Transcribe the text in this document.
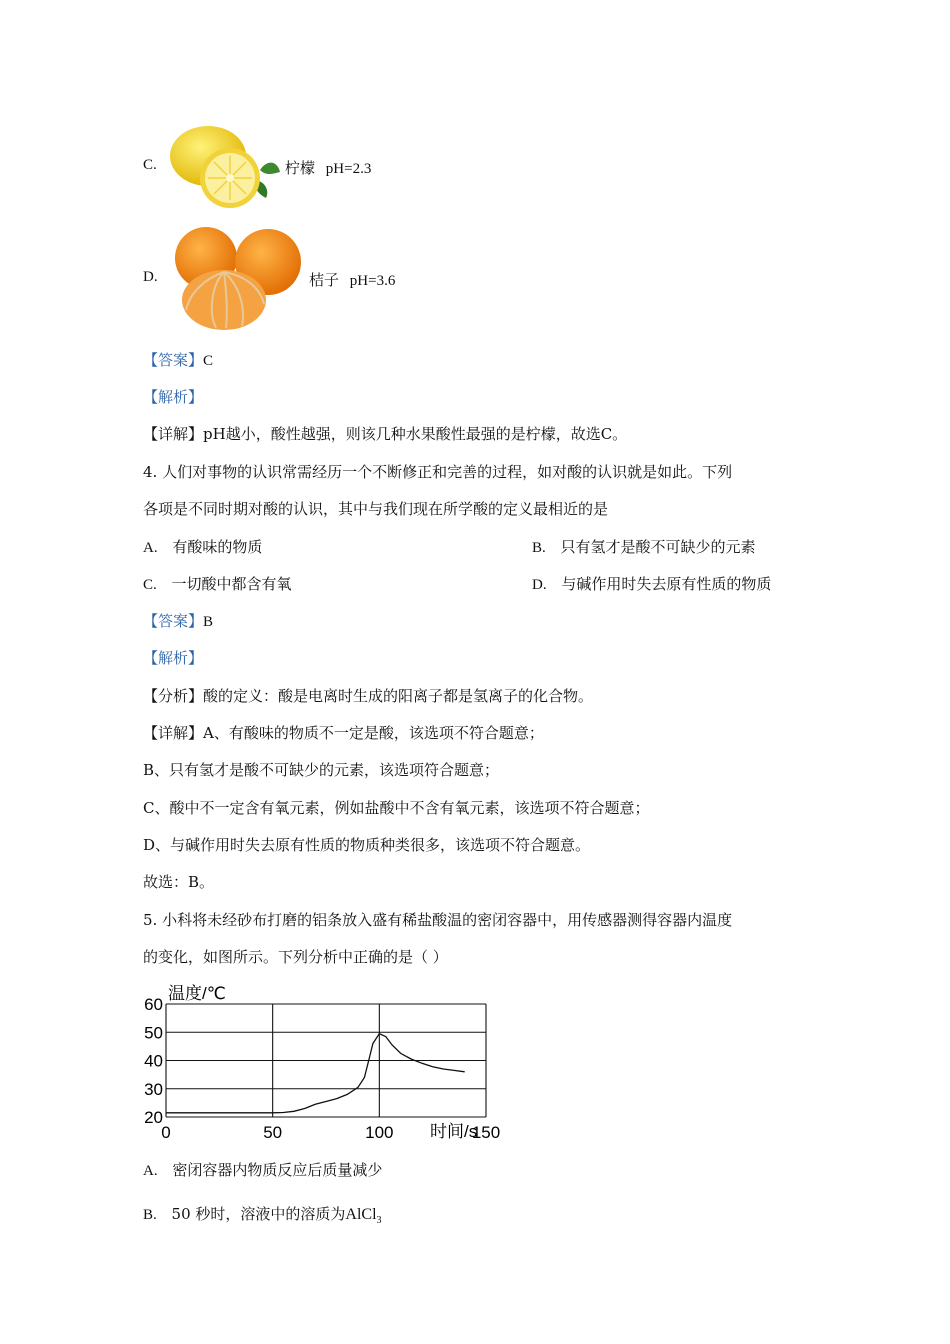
C.	柠檬 pH=2.3
D.	桔子 pH=3.6
【答案】C
【解析】
【详解】pH越小，酸性越强，则该几种水果酸性最强的是柠檬，故选C。
4. 人们对事物的认识常需经历一个不断修正和完善的过程，如对酸的认识就是如此。下列
各项是不同时期对酸的认识，其中与我们现在所学酸的定义最相近的是
A. 有酸味的物质	B. 只有氢才是酸不可缺少的元素
C. 一切酸中都含有氧	D. 与碱作用时失去原有性质的物质
【答案】B
【解析】
【分析】酸的定义：酸是电离时生成的阳离子都是氢离子的化合物。
【详解】A、有酸味的物质不一定是酸，该选项不符合题意；
B、只有氢才是酸不可缺少的元素，该选项符合题意；
C、酸中不一定含有氧元素，例如盐酸中不含有氧元素，该选项不符合题意；
D、与碱作用时失去原有性质的物质种类很多，该选项不符合题意。
故选：B。
5. 小科将未经砂布打磨的铝条放入盛有稀盐酸温的密闭容器中，用传感器测得容器内温度
的变化，如图所示。下列分析中正确的是（ ）
20
30
40
50
60
0	50	100	150
温度/℃
时间/s
A. 密闭容器内物质反应后质量减少
B. 50 秒时，溶液中的溶质为AlCl$_3$
